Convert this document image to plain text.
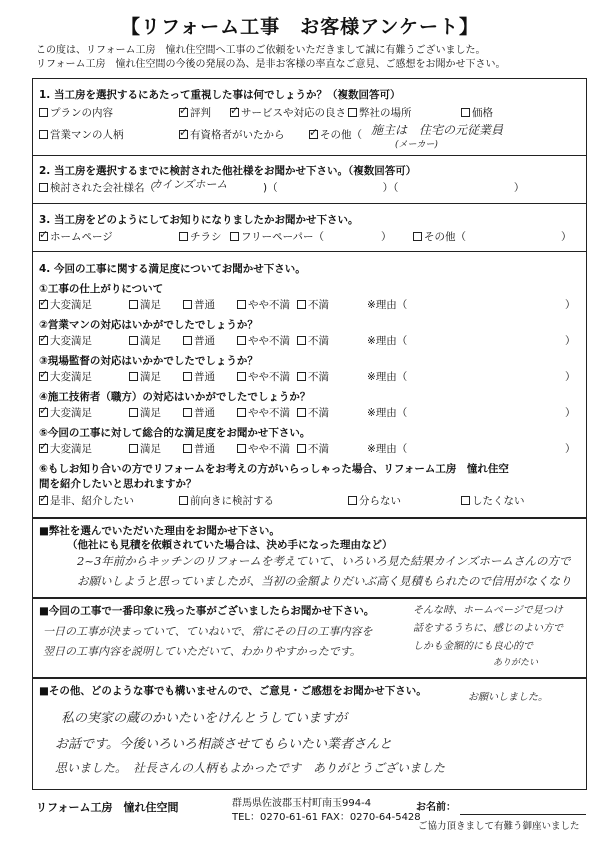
【リフォーム工事　お客様アンケート】
この度は、リフォーム工房　憧れ住空間へ工事のご依頼をいただきまして誠に有難うございました。
リフォーム工房　憧れ住空間の今後の発展の為、是非お客様の率直なご意見、ご感想をお聞かせ下さい。
1. 当工房を選択するにあたって重視した事は何でしょうか？（複数回答可）
プランの内容 ✓	評判 ✓	サービスや対応の良さ 弊社の場所	価格
営業マンの人柄 ✓	有資格者がいたから ✓	その他（ 施主は　住宅の元従業員
(メーカー)
2. 当工房を選択するまでに検討された他社様をお聞かせ下さい。（複数回答可）
検討された会社様名（
カインズホーム	)（　　　　　　　　　　）（　　　　　　　　　　　）
3. 当工房をどのようにしてお知りになりましたかお聞かせ下さい。
✓
ホームページ	チラシ フリーペーパー（	）	その他（	）
4. 今回の工事に関する満足度についてお聞かせ下さい。
①工事の仕上がりについて
✓
大変満足	満足	普通	やや不満 不満	※理由（	）
②営業マンの対応はいかがでしたでしょうか？
✓
大変満足	満足	普通	やや不満 不満	※理由（	）
③現場監督の対応はいかかでしたでしょうか？
✓
大変満足	満足	普通	やや不満 不満	※理由（	）
④施工技術者（職方）の対応はいかがでしたでしょうか？
✓
大変満足	満足	普通	やや不満 不満	※理由（	）
⑤今回の工事に対して総合的な満足度をお聞かせ下さい。
✓
大変満足	満足	普通	やや不満 不満	※理由（	）
⑥もしお知り合いの方でリフォームをお考えの方がいらっしゃった場合、リフォーム工房　憧れ住空
間を紹介したいと思われますか？
✓
是非、紹介したい	前向きに検討する	分らない	したくない
■弊社を選んでいただいた理由をお聞かせ下さい。
（他社にも見積を依頼されていた場合は、決め手になった理由など）
2~3年前からキッチンのリフォームを考えていて、いろいろ見た結果カインズホームさんの方で
お願いしようと思っていましたが、当初の金額よりだいぶ高く見積もられたので信用がなくなり
■今回の工事で一番印象に残った事がございましたらお聞かせ下さい。
一日の工事が決まっていて、ていねいで、常にその日の工事内容を
翌日の工事内容を説明していただいて、わかりやすかったです。
そんな時、ホームページで見つけ
話をするうちに、感じのよい方で
しかも金額的にも良心的で
ありがたい
お願いしました。
■その他、どのような事でも構いませんので、ご意見・ご感想をお聞かせ下さい。
私の実家の蔵のかいたいをけんとうしていますが
お話です。今後いろいろ相談させてもらいたい業者さんと
思いました。　社長さんの人柄もよかったです　ありがとうございました
リフォーム工房　憧れ住空間	群馬県佐波郡玉村町南玉994-4
TEL：0270-61-61 FAX：0270-64-5428
お名前：
ご協力頂きまして有難う御座いました
